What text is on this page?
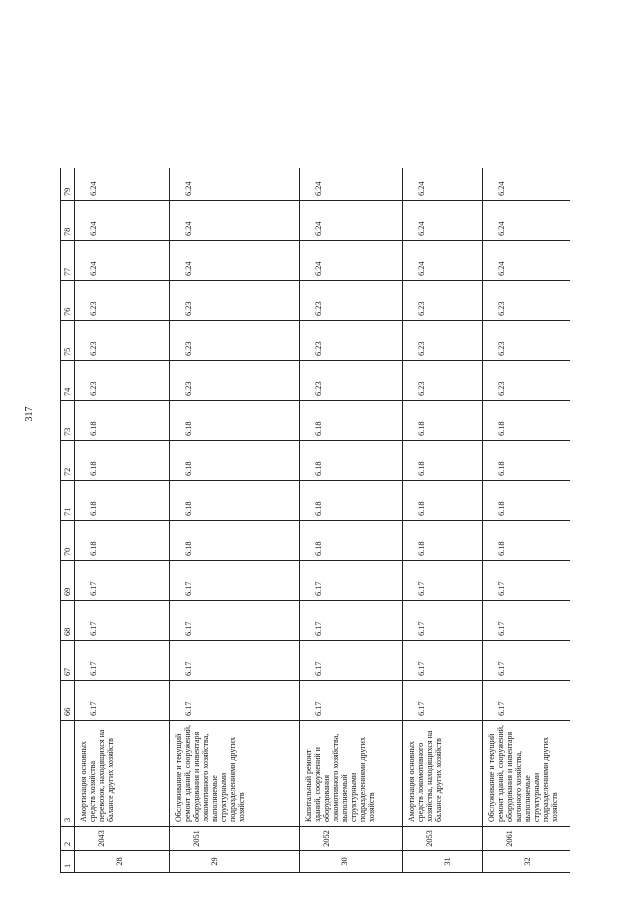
317
1	2	3	66	67	68	69	70	71	72	73	74	75	76	77	78	79
28	2043	Амортизация основных средств хозяйства перевозок, находящихся на балансе других хозяйств	6.17	6.17	6.17	6.17	6.18	6.18	6.18	6.18	6.23	6.23	6.23	6.24	6.24	6.24
29	2051	Обслуживание и текущий ремонт зданий, сооружений, оборудования и инвентаря локомотивного хозяйства, выполняемые структурными подразделениями других хозяйств	6.17	6.17	6.17	6.17	6.18	6.18	6.18	6.18	6.23	6.23	6.23	6.24	6.24	6.24
30	2052	Капитальный ремонт зданий, сооружений и оборудования локомотивного хозяйства, выполняемый структурными подразделениями других хозяйств	6.17	6.17	6.17	6.17	6.18	6.18	6.18	6.18	6.23	6.23	6.23	6.24	6.24	6.24
31	2053	Амортизация основных средств локомотивного хозяйства, находящихся на балансе других хозяйств	6.17	6.17	6.17	6.17	6.18	6.18	6.18	6.18	6.23	6.23	6.23	6.24	6.24	6.24
32	2061	Обслуживание и текущий ремонт зданий, сооружений, оборудования и инвентаря вагонного хозяйства, выполняемые структурными подразделениями других хозяйств	6.17	6.17	6.17	6.17	6.18	6.18	6.18	6.18	6.23	6.23	6.23	6.24	6.24	6.24
